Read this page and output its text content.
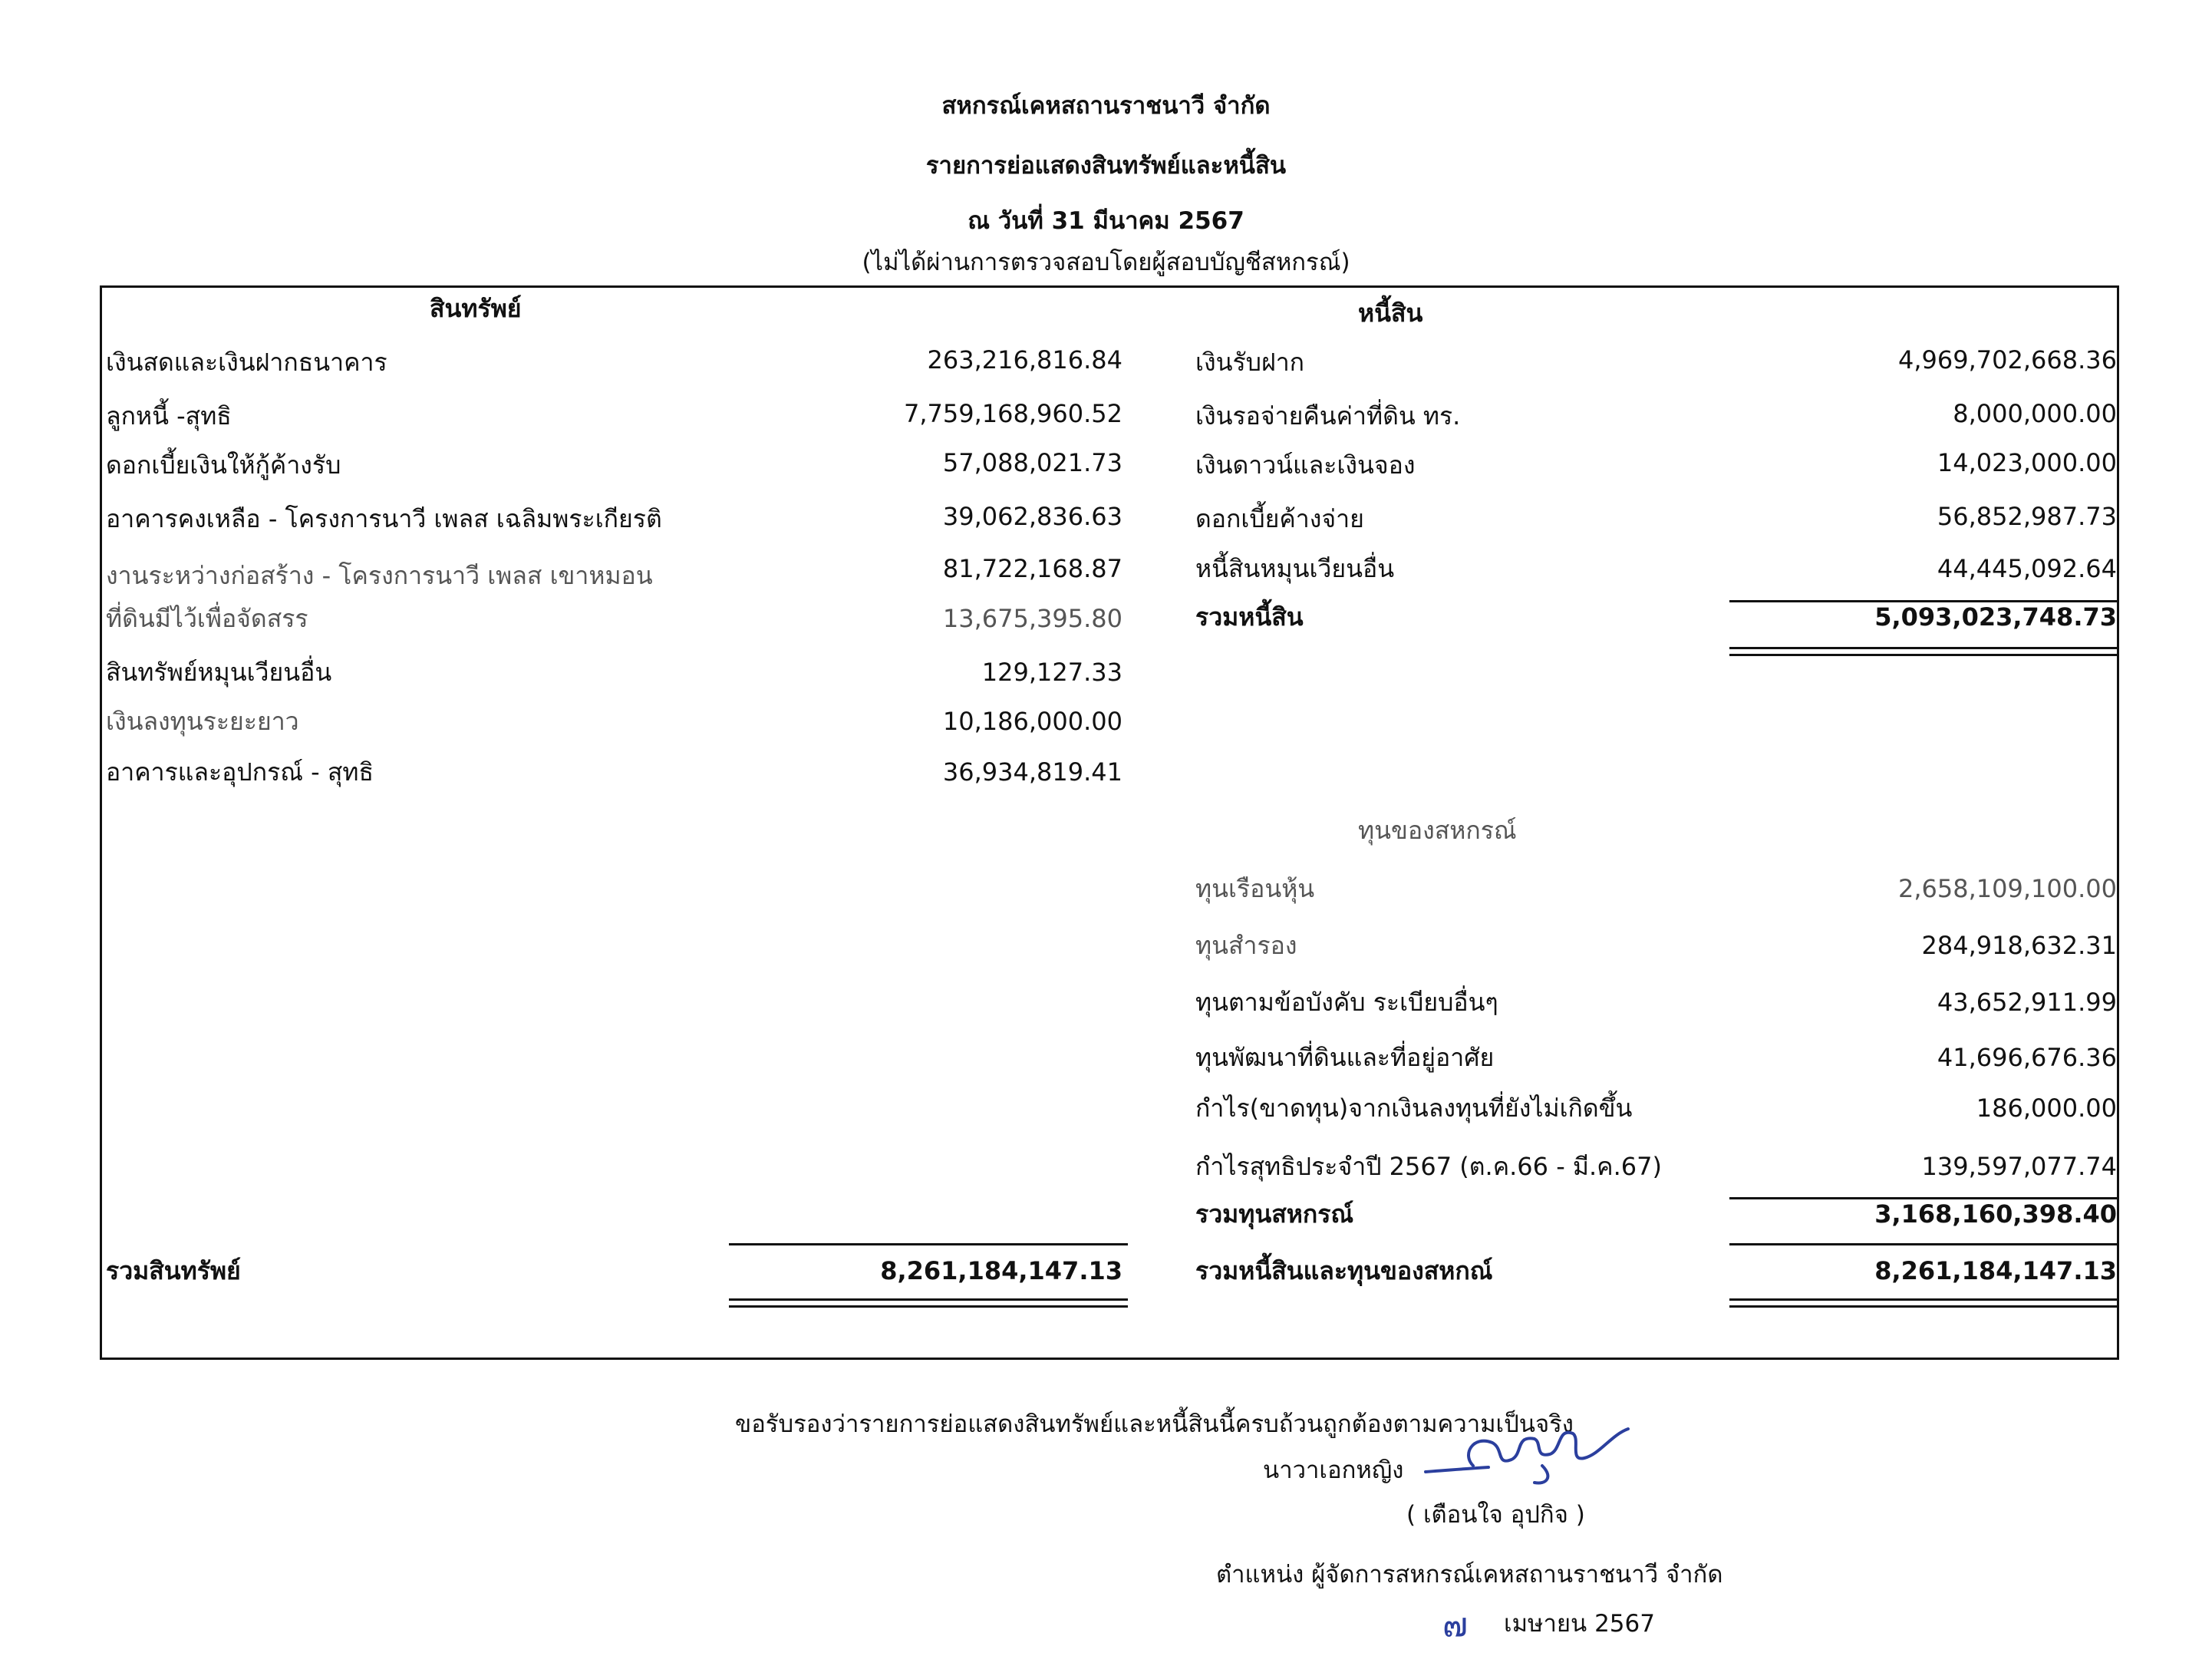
สหกรณ์เคหสถานราชนาวี จำกัด
รายการย่อแสดงสินทรัพย์และหนี้สิน
ณ วันที่ 31 มีนาคม 2567
(ไม่ได้ผ่านการตรวจสอบโดยผู้สอบบัญชีสหกรณ์)
สินทรัพย์	หนี้สิน
เงินสดและเงินฝากธนาคาร	263,216,816.84
ลูกหนี้ -สุทธิ	7,759,168,960.52
ดอกเบี้ยเงินให้กู้ค้างรับ	57,088,021.73
อาคารคงเหลือ - โครงการนาวี เพลส เฉลิมพระเกียรติ	39,062,836.63
งานระหว่างก่อสร้าง - โครงการนาวี เพลส เขาหมอน	81,722,168.87
ที่ดินมีไว้เพื่อจัดสรร	13,675,395.80
สินทรัพย์หมุนเวียนอื่น	129,127.33
เงินลงทุนระยะยาว	10,186,000.00
อาคารและอุปกรณ์ - สุทธิ	36,934,819.41
เงินรับฝาก	4,969,702,668.36
เงินรอจ่ายคืนค่าที่ดิน ทร.	8,000,000.00
เงินดาวน์และเงินจอง	14,023,000.00
ดอกเบี้ยค้างจ่าย	56,852,987.73
หนี้สินหมุนเวียนอื่น	44,445,092.64
รวมหนี้สิน	5,093,023,748.73
ทุนของสหกรณ์
ทุนเรือนหุ้น	2,658,109,100.00
ทุนสำรอง	284,918,632.31
ทุนตามข้อบังคับ ระเบียบอื่นๆ	43,652,911.99
ทุนพัฒนาที่ดินและที่อยู่อาศัย	41,696,676.36
กำไร(ขาดทุน)จากเงินลงทุนที่ยังไม่เกิดขึ้น	186,000.00
กำไรสุทธิประจำปี 2567 (ต.ค.66 - มี.ค.67)	139,597,077.74
รวมทุนสหกรณ์	3,168,160,398.40
รวมสินทรัพย์	8,261,184,147.13	รวมหนี้สินและทุนของสหกณ์	8,261,184,147.13
ขอรับรองว่ารายการย่อแสดงสินทรัพย์และหนี้สินนี้ครบถ้วนถูกต้องตามความเป็นจริง
นาวาเอกหญิง
( เตือนใจ อุปกิจ )
ตำแหน่ง ผู้จัดการสหกรณ์เคหสถานราชนาวี จำกัด
๗ เมษายน 2567
